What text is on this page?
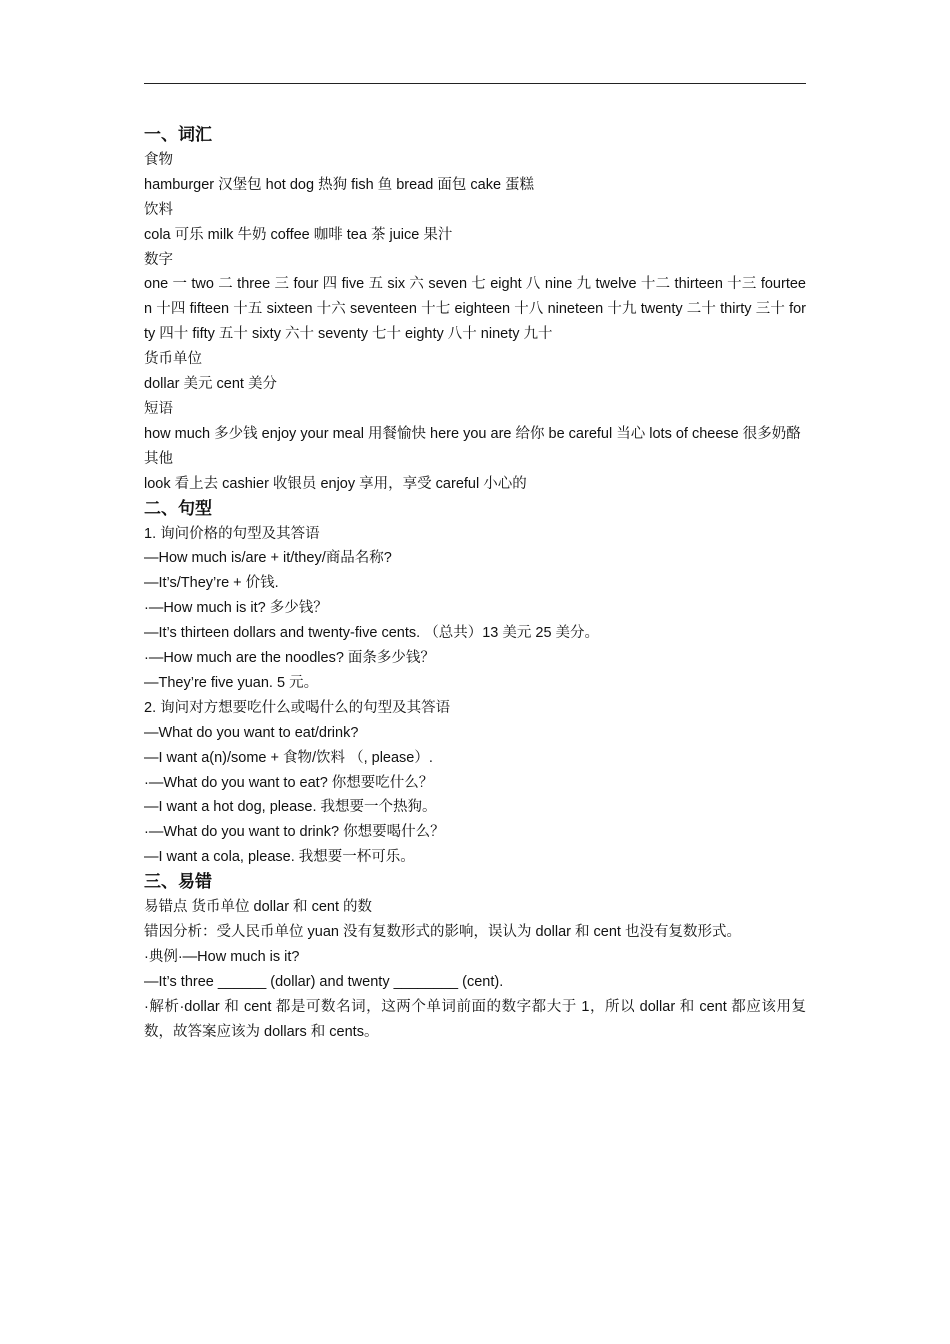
一、词汇

食物

hamburger 汉堡包 hot dog 热狗 fish 鱼 bread 面包 cake 蛋糕

饮料

cola 可乐 milk 牛奶 coffee 咖啡 tea 茶 juice 果汁

数字

one 一 two 二 three 三 four 四 five 五 six 六 seven 七 eight 八 nine 九 twelve 十二 thirteen 十三 fourteen 十四 fifteen 十五 sixteen 十六 seventeen 十七 eighteen 十八 nineteen 十九 twenty 二十 thirty 三十 forty 四十 fifty 五十 sixty 六十 seventy 七十 eighty 八十 ninety 九十

货币单位

dollar 美元 cent 美分

短语

how much 多少钱 enjoy your meal 用餐愉快 here you are 给你 be careful 当心 lots of cheese 很多奶酪

其他

look 看上去 cashier 收银员 enjoy 享用，享受 careful 小心的

二、句型

1. 询问价格的句型及其答语

—How much is/are + it/they/商品名称?

—It’s/They’re + 价钱.

·—How much is it? 多少钱？

—It’s thirteen dollars and twenty-five cents. （总共）13 美元 25 美分。

·—How much are the noodles? 面条多少钱？

—They’re five yuan. 5 元。

2. 询问对方想要吃什么或喝什么的句型及其答语

—What do you want to eat/drink?

—I want a(n)/some + 食物/饮料 （, please）.

·—What do you want to eat? 你想要吃什么？

—I want a hot dog, please. 我想要一个热狗。

·—What do you want to drink? 你想要喝什么？

—I want a cola, please. 我想要一杯可乐。

三、易错

易错点 货币单位 dollar 和 cent 的数

错因分析：受人民币单位 yuan 没有复数形式的影响，误认为 dollar 和 cent 也没有复数形式。

·典例·—How much is it?

—It’s three ______ (dollar) and twenty ________ (cent).

·解析·dollar 和 cent 都是可数名词，这两个单词前面的数字都大于 1，所以 dollar 和 cent 都应该用复数，故答案应该为 dollars 和 cents。
